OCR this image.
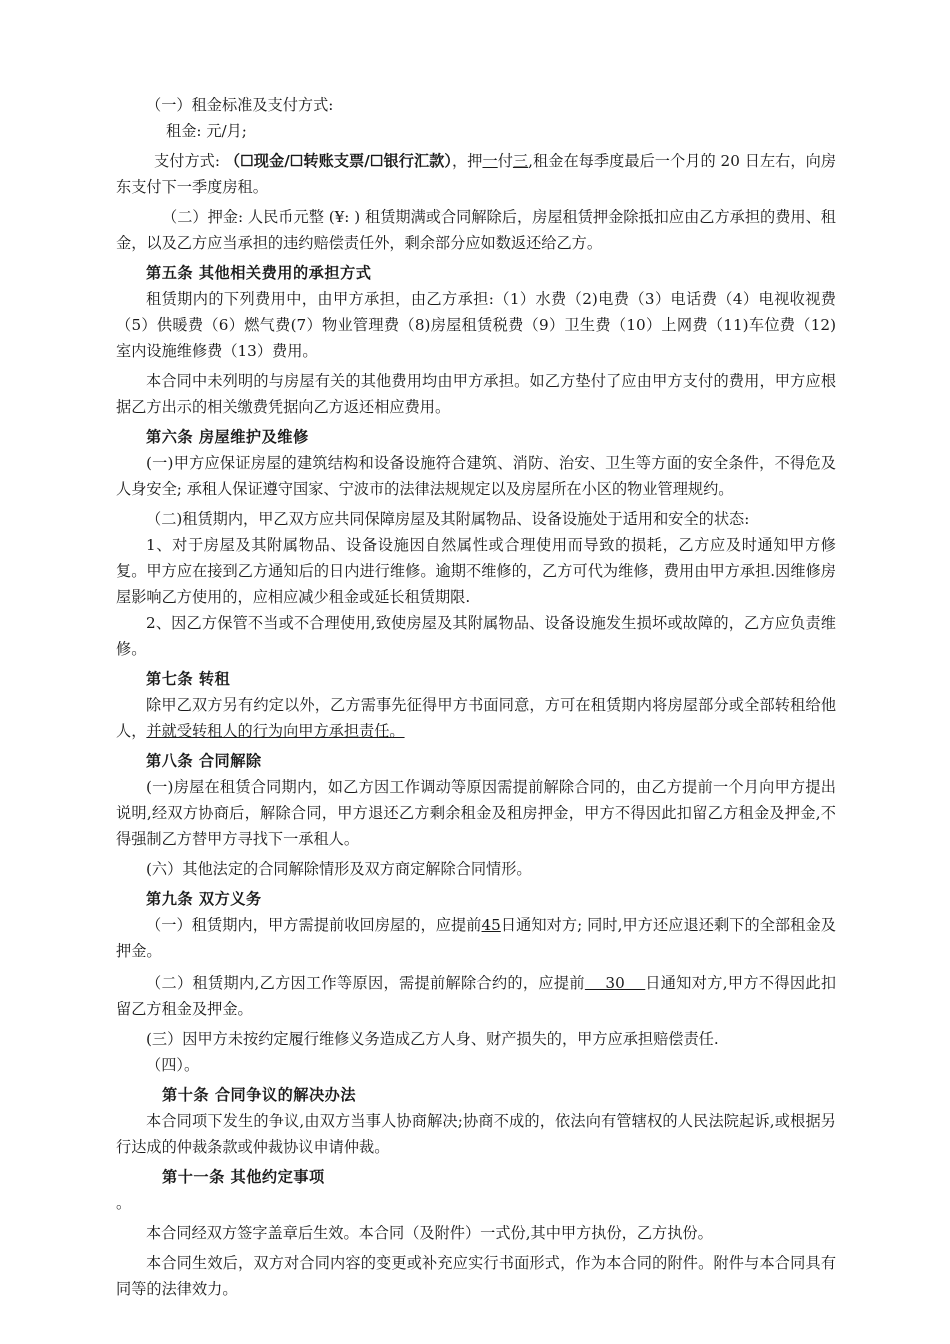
（一）租金标准及支付方式:

租金: 元/月;

支付方式: （☐现金/☐转账支票/☐银行汇款），押一付三,租金在每季度最后一个月的 20 日左右，向房东支付下一季度房租。

（二）押金: 人民币元整 (¥: ) 租赁期满或合同解除后，房屋租赁押金除抵扣应由乙方承担的费用、租金，以及乙方应当承担的违约赔偿责任外，剩余部分应如数返还给乙方。

第五条 其他相关费用的承担方式

租赁期内的下列费用中，由甲方承担，由乙方承担:（1）水费（2)电费（3）电话费（4）电视收视费（5）供暖费（6）燃气费(7）物业管理费（8)房屋租赁税费（9）卫生费（10）上网费（11)车位费（12)室内设施维修费（13）费用。

本合同中未列明的与房屋有关的其他费用均由甲方承担。如乙方垫付了应由甲方支付的费用，甲方应根据乙方出示的相关缴费凭据向乙方返还相应费用。

第六条 房屋维护及维修

(一)甲方应保证房屋的建筑结构和设备设施符合建筑、消防、治安、卫生等方面的安全条件，不得危及人身安全; 承租人保证遵守国家、宁波市的法律法规规定以及房屋所在小区的物业管理规约。

（二)租赁期内，甲乙双方应共同保障房屋及其附属物品、设备设施处于适用和安全的状态:

1、对于房屋及其附属物品、设备设施因自然属性或合理使用而导致的损耗，乙方应及时通知甲方修复。甲方应在接到乙方通知后的日内进行维修。逾期不维修的，乙方可代为维修，费用由甲方承担.因维修房屋影响乙方使用的，应相应减少租金或延长租赁期限.

2、因乙方保管不当或不合理使用,致使房屋及其附属物品、设备设施发生损坏或故障的，乙方应负责维修。

第七条 转租

除甲乙双方另有约定以外，乙方需事先征得甲方书面同意，方可在租赁期内将房屋部分或全部转租给他人，并就受转租人的行为向甲方承担责任。

第八条 合同解除

(一)房屋在租赁合同期内，如乙方因工作调动等原因需提前解除合同的，由乙方提前一个月向甲方提出说明,经双方协商后，解除合同，甲方退还乙方剩余租金及租房押金，甲方不得因此扣留乙方租金及押金,不得强制乙方替甲方寻找下一承租人。

(六）其他法定的合同解除情形及双方商定解除合同情形。

第九条 双方义务

（一）租赁期内，甲方需提前收回房屋的，应提前45日通知对方; 同时,甲方还应退还剩下的全部租金及押金。

（二）租赁期内,乙方因工作等原因，需提前解除合约的，应提前    30    日通知对方,甲方不得因此扣留乙方租金及押金。

(三）因甲方未按约定履行维修义务造成乙方人身、财产损失的，甲方应承担赔偿责任.

（四）。

第十条 合同争议的解决办法

本合同项下发生的争议,由双方当事人协商解决;协商不成的，依法向有管辖权的人民法院起诉,或根据另行达成的仲裁条款或仲裁协议申请仲裁。

第十一条 其他约定事项

。

本合同经双方签字盖章后生效。本合同（及附件）一式份,其中甲方执份，乙方执份。

本合同生效后，双方对合同内容的变更或补充应实行书面形式，作为本合同的附件。附件与本合同具有同等的法律效力。
